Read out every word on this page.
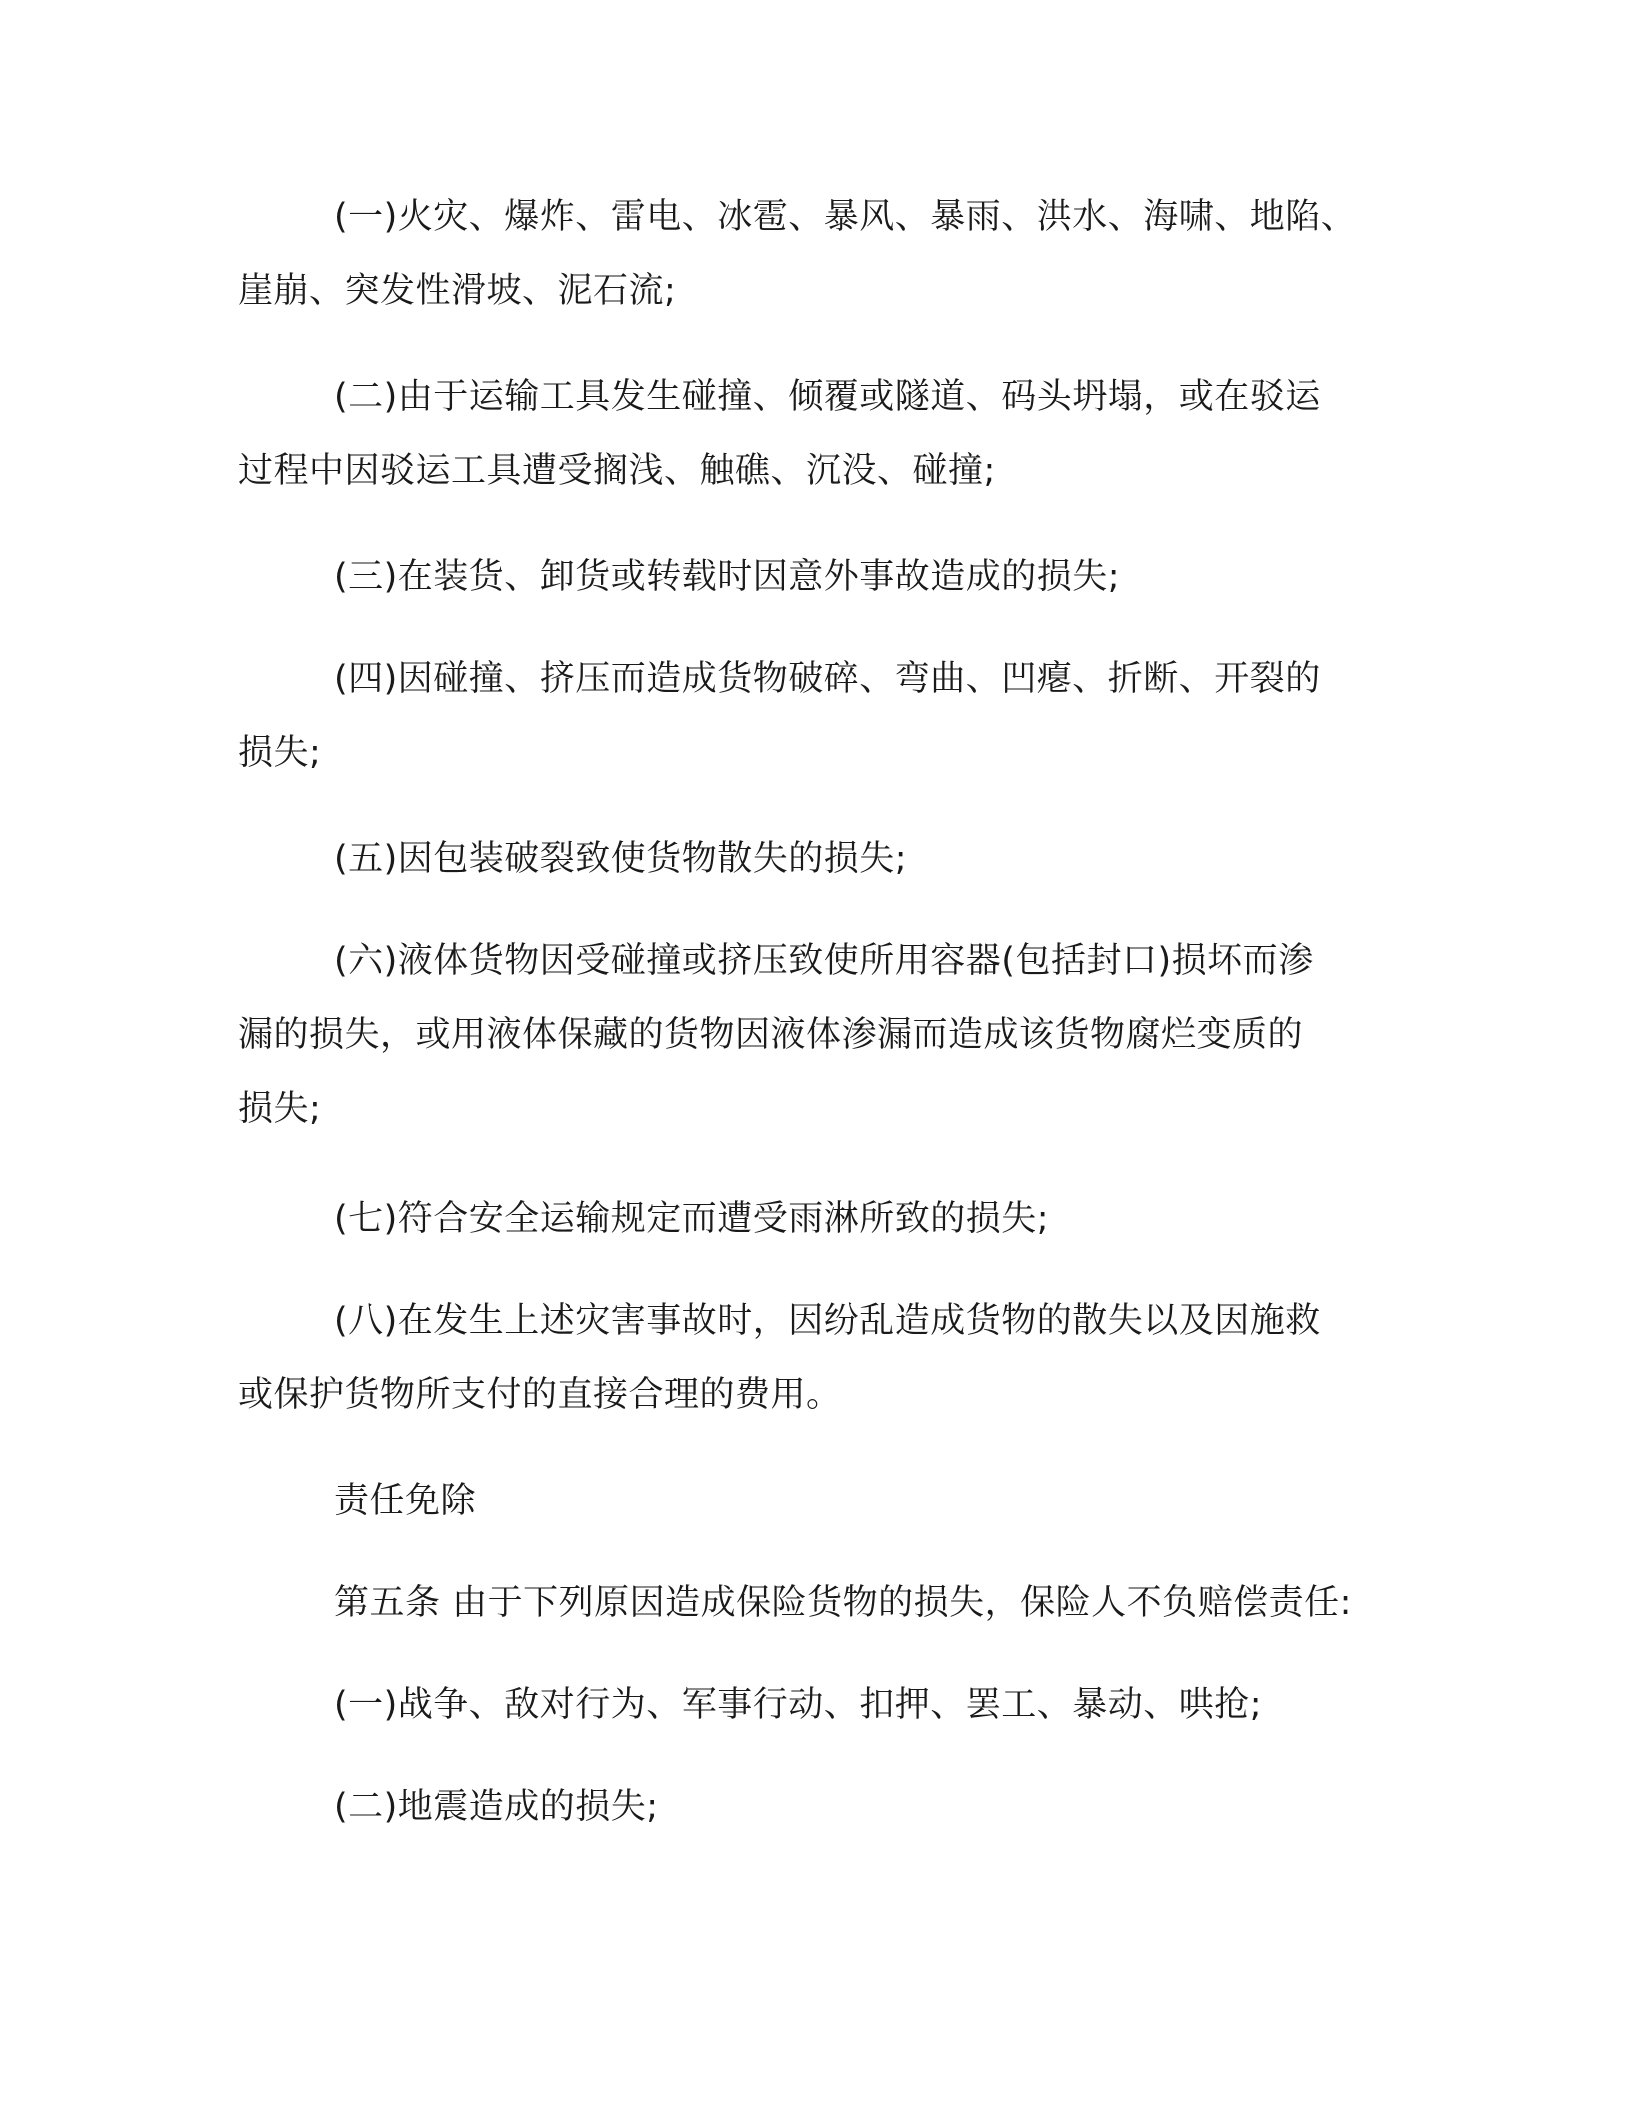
(一)火灾、爆炸、雷电、冰雹、暴风、暴雨、洪水、海啸、地陷、
崖崩、突发性滑坡、泥石流;
(二)由于运输工具发生碰撞、倾覆或隧道、码头坍塌，或在驳运
过程中因驳运工具遭受搁浅、触礁、沉没、碰撞;
(三)在装货、卸货或转载时因意外事故造成的损失;
(四)因碰撞、挤压而造成货物破碎、弯曲、凹瘪、折断、开裂的
损失;
(五)因包装破裂致使货物散失的损失;
(六)液体货物因受碰撞或挤压致使所用容器(包括封口)损坏而渗
漏的损失，或用液体保藏的货物因液体渗漏而造成该货物腐烂变质的
损失;
(七)符合安全运输规定而遭受雨淋所致的损失;
(八)在发生上述灾害事故时，因纷乱造成货物的散失以及因施救
或保护货物所支付的直接合理的费用。
责任免除
第五条 由于下列原因造成保险货物的损失，保险人不负赔偿责任:
(一)战争、敌对行为、军事行动、扣押、罢工、暴动、哄抢;
(二)地震造成的损失;
